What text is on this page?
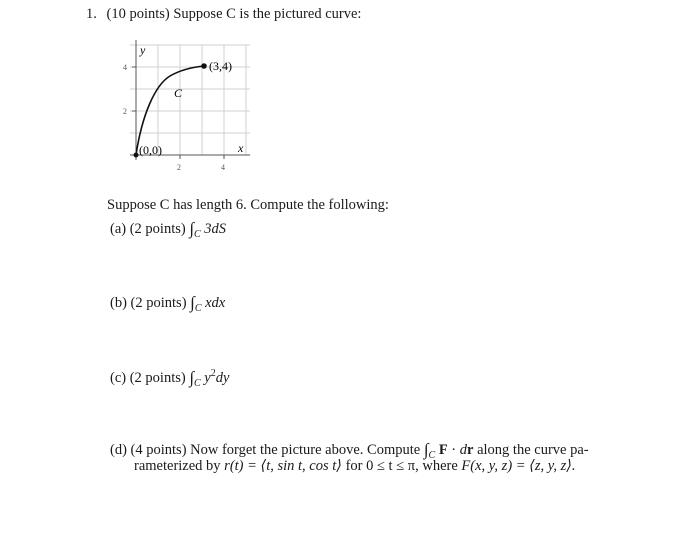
1. (10 points) Suppose C is the pictured curve:
2	4
2
4
y
x
C
(0,0)
(3,4)
Suppose C has length 6. Compute the following:
(a) (2 points) $\int_C$ 3dS
(b) (2 points) $\int_C$ xdx
(c) (2 points) $\int_C$ $y^2dy$
(d) (4 points) Now forget the picture above. Compute $\int_C$ F · dr along the curve pa-
rameterized by r(t) = ⟨t, sin t, cos t⟩ for 0 ≤ t ≤ π, where F(x, y, z) = ⟨z, y, z⟩.
